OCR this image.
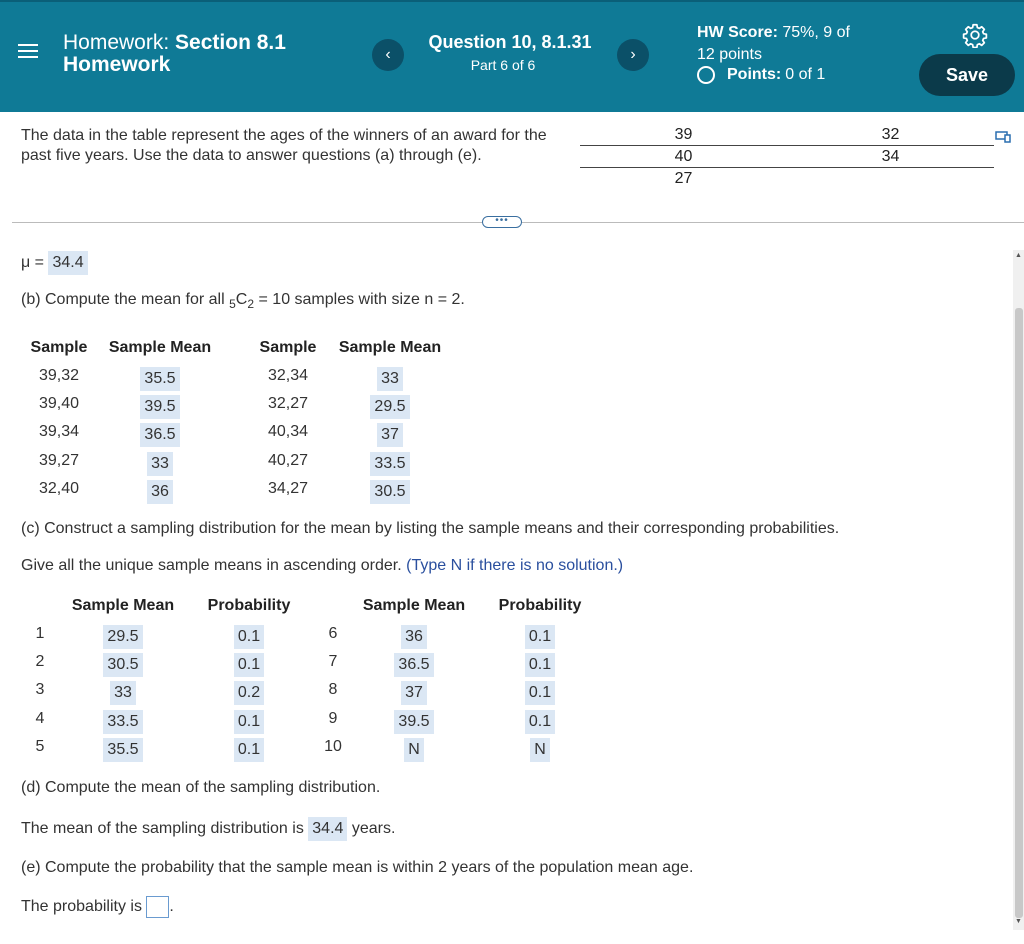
Homework: Section 8.1
Homework	‹
Question 10, 8.1.31
Part 6 of 6
›
HW Score: 75%, 9 of
12 points
Points: 0 of 1	Save
The data in the table represent the ages of the winners of an award for the past five years. Use the data to answer questions (a) through (e).
39	32
40	34
27
•••
▲
▼
μ = 34.4
(b) Compute the mean for all $_5C_2 = 10$ samples with size n = 2.
Sample	Sample Mean	Sample	Sample Mean
39,32	35.5	32,34	33
39,40	39.5	32,27	29.5
39,34	36.5	40,34	37
39,27	33	40,27	33.5
32,40	36	34,27	30.5
(c) Construct a sampling distribution for the mean by listing the sample means and their corresponding probabilities.
Give all the unique sample means in ascending order. (Type N if there is no solution.)
Sample Mean	Probability	Sample Mean	Probability
1	29.5	0.1	6	36	0.1
2	30.5	0.1	7	36.5	0.1
3	33	0.2	8	37	0.1
4	33.5	0.1	9	39.5	0.1
5	35.5	0.1	10	N	N
(d) Compute the mean of the sampling distribution.
The mean of the sampling distribution is 34.4 years.
(e) Compute the probability that the sample mean is within 2 years of the population mean age.
The probability is .
